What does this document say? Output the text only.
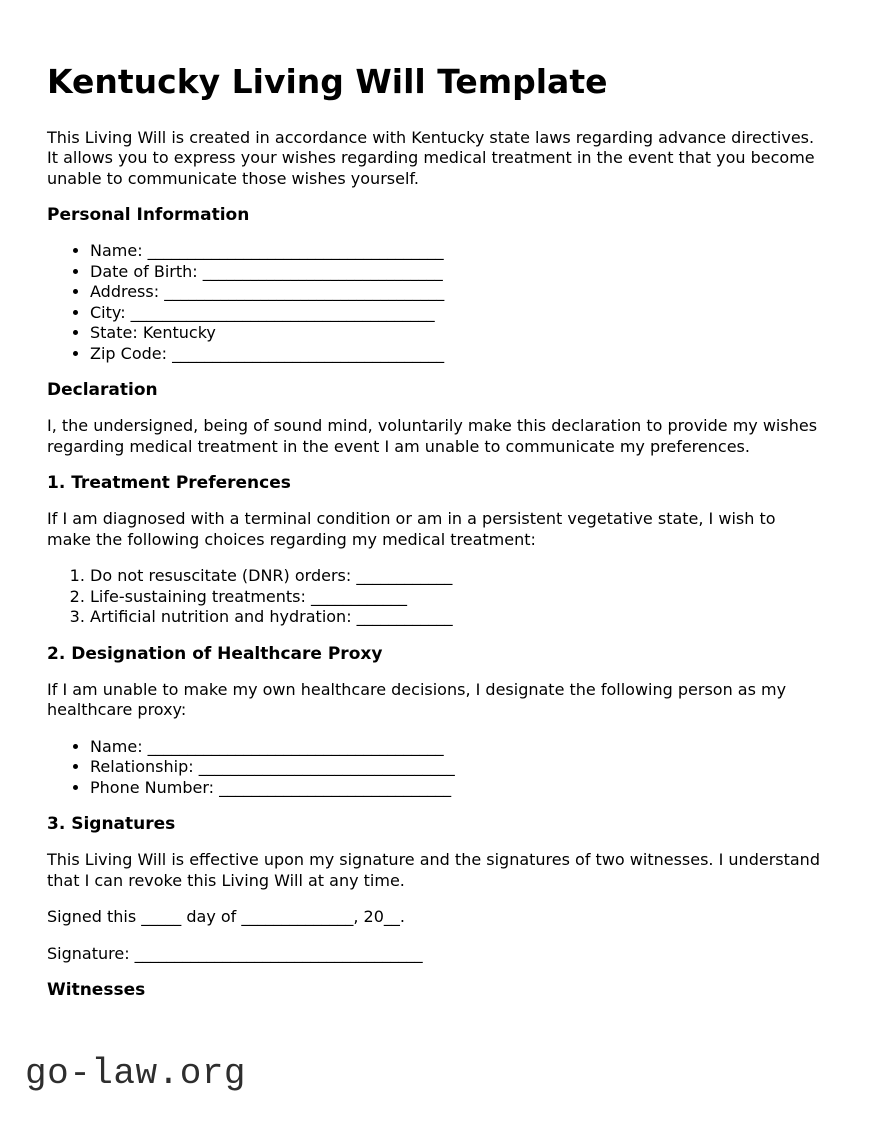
Kentucky Living Will Template

This Living Will is created in accordance with Kentucky state laws regarding advance directives. It allows you to express your wishes regarding medical treatment in the event that you become unable to communicate those wishes yourself.

Personal Information
• Name: _____________________________________
• Date of Birth: ______________________________
• Address: ___________________________________
• City: ______________________________________
• State: Kentucky
• Zip Code: __________________________________
Declaration

I, the undersigned, being of sound mind, voluntarily make this declaration to provide my wishes regarding medical treatment in the event I am unable to communicate my preferences.

1. Treatment Preferences

If I am diagnosed with a terminal condition or am in a persistent vegetative state, I wish to make the following choices regarding my medical treatment:

1. Do not resuscitate (DNR) orders: ____________
2. Life-sustaining treatments: ____________
3. Artificial nutrition and hydration: ____________
2. Designation of Healthcare Proxy

If I am unable to make my own healthcare decisions, I designate the following person as my healthcare proxy:

• Name: _____________________________________
• Relationship: ________________________________
• Phone Number: _____________________________
3. Signatures

This Living Will is effective upon my signature and the signatures of two witnesses. I understand that I can revoke this Living Will at any time.

Signed this _____ day of ______________, 20__.

Signature: ____________________________________

Witnesses
go-law.org
